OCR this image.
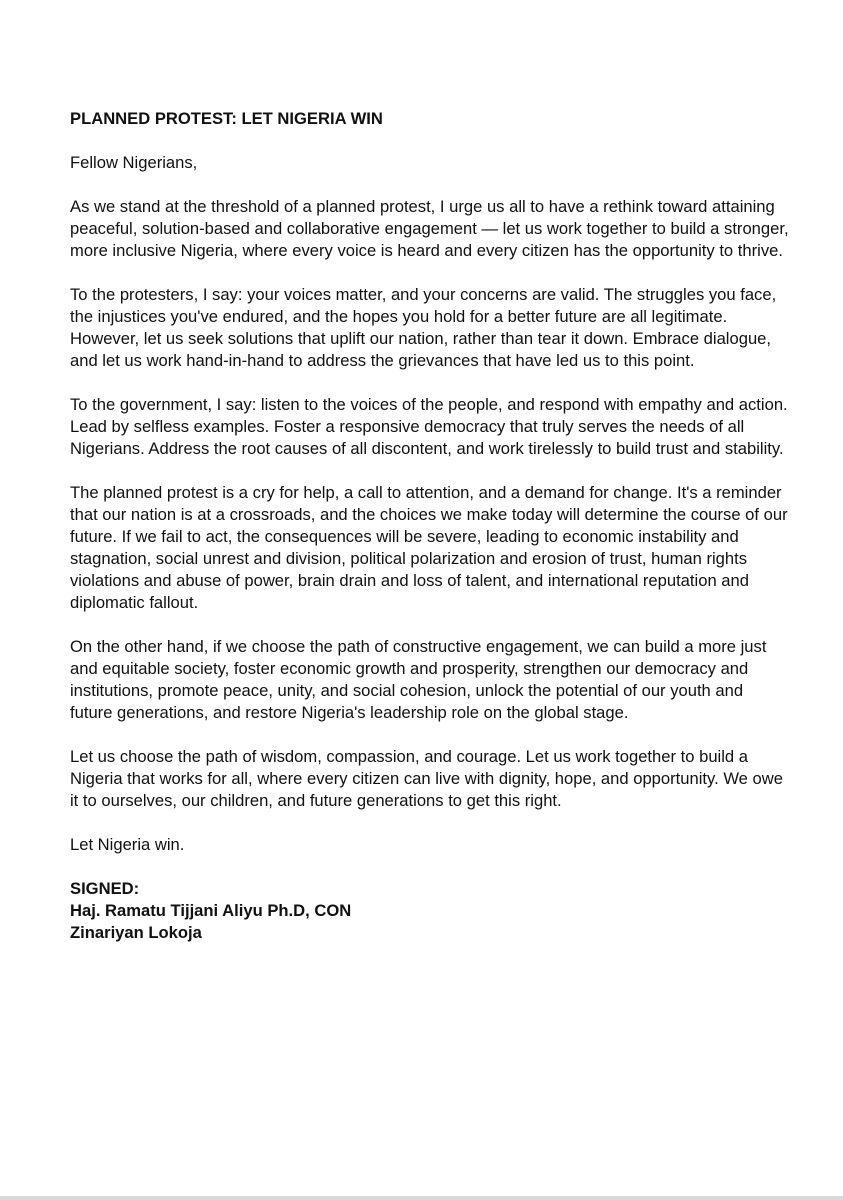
PLANNED PROTEST: LET NIGERIA WIN
Fellow Nigerians,
As we stand at the threshold of a planned protest, I urge us all to have a rethink toward attaining peaceful, solution-based and collaborative engagement — let us work together to build a stronger, more inclusive Nigeria, where every voice is heard and every citizen has the opportunity to thrive.
To the protesters, I say: your voices matter, and your concerns are valid. The struggles you face, the injustices you've endured, and the hopes you hold for a better future are all legitimate. However, let us seek solutions that uplift our nation, rather than tear it down. Embrace dialogue, and let us work hand-in-hand to address the grievances that have led us to this point.
To the government, I say: listen to the voices of the people, and respond with empathy and action. Lead by selfless examples. Foster a responsive democracy that truly serves the needs of all Nigerians. Address the root causes of all discontent, and work tirelessly to build trust and stability.
The planned protest is a cry for help, a call to attention, and a demand for change. It's a reminder that our nation is at a crossroads, and the choices we make today will determine the course of our future. If we fail to act, the consequences will be severe, leading to economic instability and stagnation, social unrest and division, political polarization and erosion of trust, human rights violations and abuse of power, brain drain and loss of talent, and international reputation and diplomatic fallout.
On the other hand, if we choose the path of constructive engagement, we can build a more just and equitable society, foster economic growth and prosperity, strengthen our democracy and institutions, promote peace, unity, and social cohesion, unlock the potential of our youth and future generations, and restore Nigeria's leadership role on the global stage.
Let us choose the path of wisdom, compassion, and courage. Let us work together to build a Nigeria that works for all, where every citizen can live with dignity, hope, and opportunity. We owe it to ourselves, our children, and future generations to get this right.
Let Nigeria win.
SIGNED:
Haj. Ramatu Tijjani Aliyu Ph.D, CON
Zinariyan Lokoja
